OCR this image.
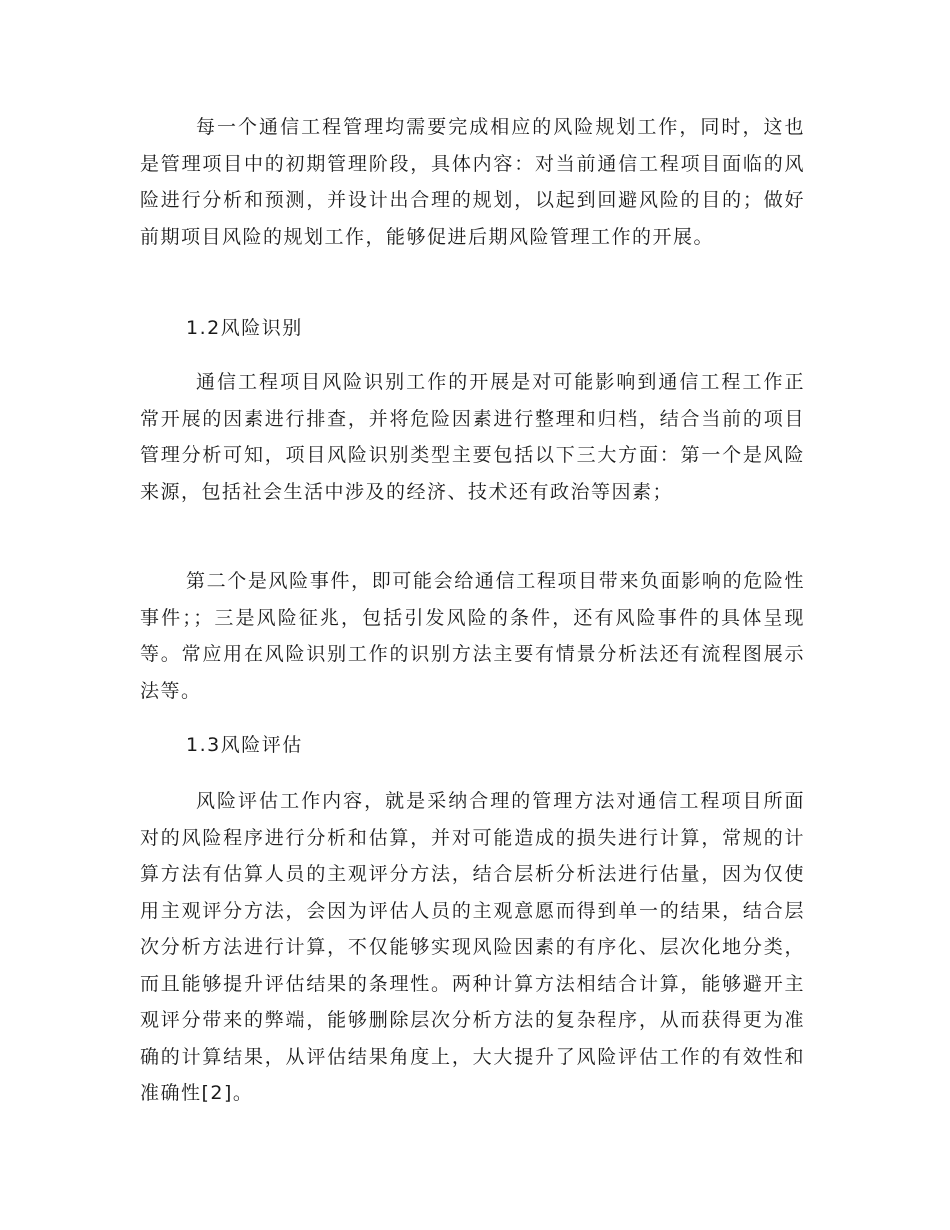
每一个通信工程管理均需要完成相应的风险规划工作，同时，这也是管理项目中的初期管理阶段，具体内容：对当前通信工程项目面临的风险进行分析和预测，并设计出合理的规划，以起到回避风险的目的；做好前期项目风险的规划工作，能够促进后期风险管理工作的开展。

1.2风险识别

通信工程项目风险识别工作的开展是对可能影响到通信工程工作正常开展的因素进行排查，并将危险因素进行整理和归档，结合当前的项目管理分析可知，项目风险识别类型主要包括以下三大方面：第一个是风险来源，包括社会生活中涉及的经济、技术还有政治等因素；

第二个是风险事件，即可能会给通信工程项目带来负面影响的危险性事件；；三是风险征兆，包括引发风险的条件，还有风险事件的具体呈现等。常应用在风险识别工作的识别方法主要有情景分析法还有流程图展示法等。

1.3风险评估

风险评估工作内容，就是采纳合理的管理方法对通信工程项目所面对的风险程序进行分析和估算，并对可能造成的损失进行计算，常规的计算方法有估算人员的主观评分方法，结合层析分析法进行估量，因为仅使用主观评分方法，会因为评估人员的主观意愿而得到单一的结果，结合层次分析方法进行计算，不仅能够实现风险因素的有序化、层次化地分类，而且能够提升评估结果的条理性。两种计算方法相结合计算，能够避开主观评分带来的弊端，能够删除层次分析方法的复杂程序，从而获得更为准确的计算结果，从评估结果角度上，大大提升了风险评估工作的有效性和准确性[2]。
